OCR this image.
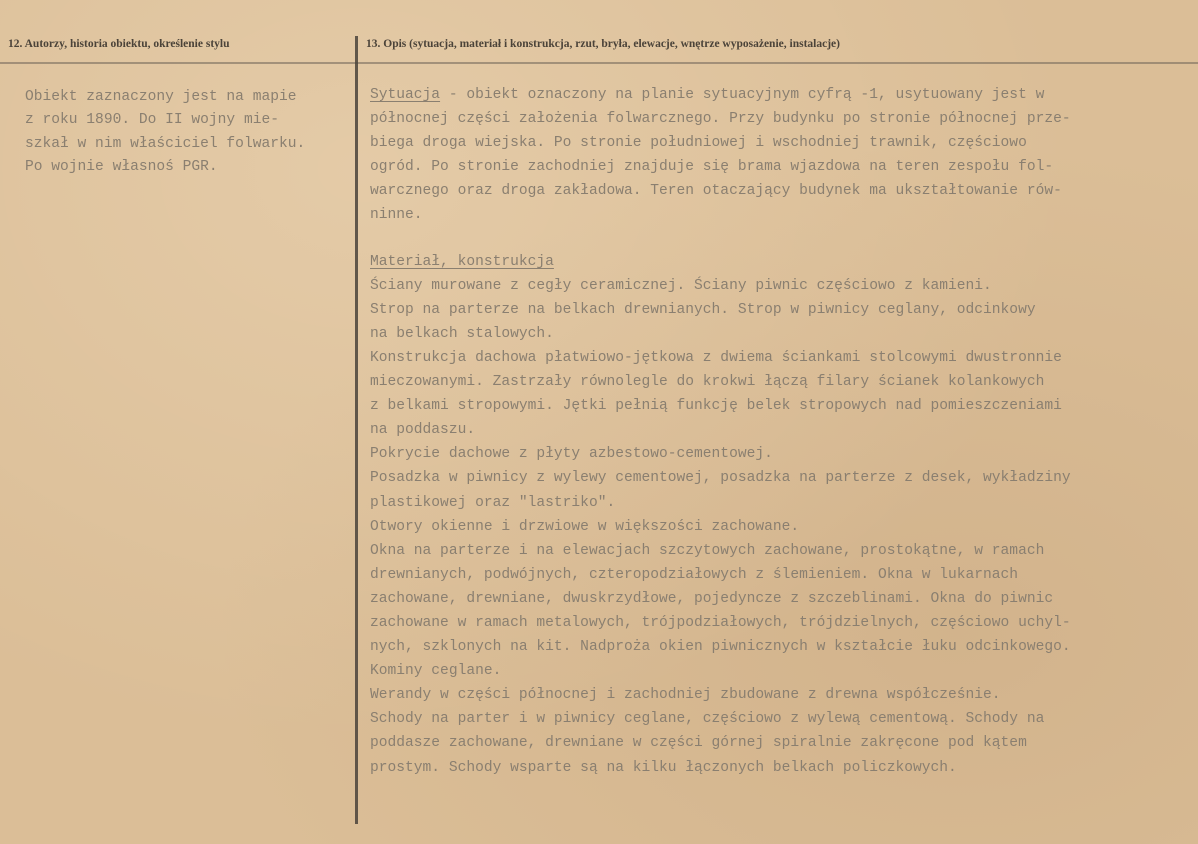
12. Autorzy, historia obiektu, określenie stylu	13. Opis (sytuacja, materiał i konstrukcja, rzut, bryła, elewacje, wnętrze wyposażenie, instalacje)
Obiekt zaznaczony jest na mapie
z roku 1890. Do II wojny mie-
szkał w nim właściciel folwarku.
Po wojnie własnoś PGR.
Sytuacja - obiekt oznaczony na planie sytuacyjnym cyfrą -1, usytuowany jest w
północnej części założenia folwarcznego. Przy budynku po stronie północnej prze-
biega droga wiejska. Po stronie południowej i wschodniej trawnik, częściowo
ogród. Po stronie zachodniej znajduje się brama wjazdowa na teren zespołu fol-
warcznego oraz droga zakładowa. Teren otaczający budynek ma ukształtowanie rów-
ninne.
Materiał, konstrukcja
Ściany murowane z cegły ceramicznej. Ściany piwnic częściowo z kamieni.
Strop na parterze na belkach drewnianych. Strop w piwnicy ceglany, odcinkowy
na belkach stalowych.
Konstrukcja dachowa płatwiowo-jętkowa z dwiema ściankami stolcowymi dwustronnie
mieczowanymi. Zastrzały równolegle do krokwi łączą filary ścianek kolankowych
z belkami stropowymi. Jętki pełnią funkcję belek stropowych nad pomieszczeniami
na poddaszu.
Pokrycie dachowe z płyty azbestowo-cementowej.
Posadzka w piwnicy z wylewy cementowej, posadzka na parterze z desek, wykładziny
plastikowej oraz "lastriko".
Otwory okienne i drzwiowe w większości zachowane.
Okna na parterze i na elewacjach szczytowych zachowane, prostokątne, w ramach
drewnianych, podwójnych, czteropodziałowych z ślemieniem. Okna w lukarnach
zachowane, drewniane, dwuskrzydłowe, pojedyncze z szczeblinami. Okna do piwnic
zachowane w ramach metalowych, trójpodziałowych, trójdzielnych, częściowo uchyl-
nych, szklonych na kit. Nadproża okien piwnicznych w kształcie łuku odcinkowego.
Kominy ceglane.
Werandy w części północnej i zachodniej zbudowane z drewna współcześnie.
Schody na parter i w piwnicy ceglane, częściowo z wylewą cementową. Schody na
poddasze zachowane, drewniane w części górnej spiralnie zakręcone pod kątem
prostym. Schody wsparte są na kilku łączonych belkach policzkowych.
